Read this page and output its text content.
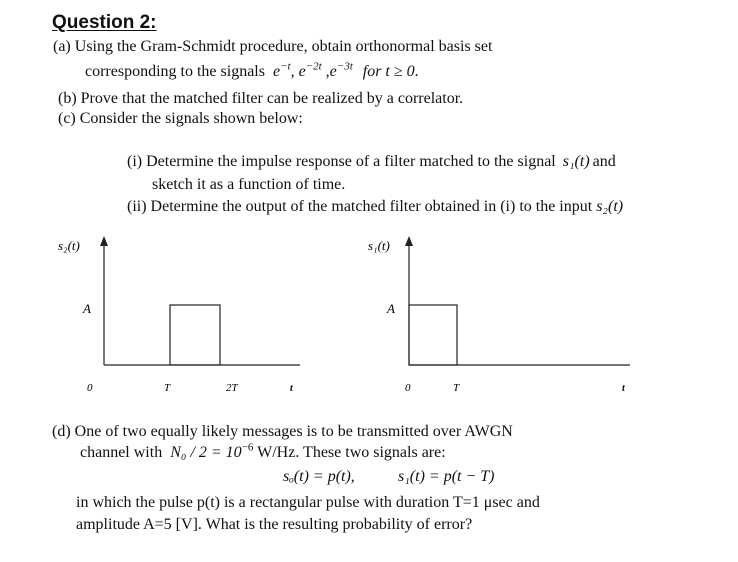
Question 2:
(a) Using the Gram-Schmidt procedure, obtain orthonormal basis set
corresponding to the signals $e^{-t}$, $e^{-2t}$ $,e^{-3t}$ for t ≥ 0.
(b) Prove that the matched filter can be realized by a correlator.
(c) Consider the signals shown below:
(i) Determine the impulse response of a filter matched to the signal s₁(t) and
sketch it as a function of time.
(ii) Determine the output of the matched filter obtained in (i) to the input s₂(t)
s₂(t)
A
0	T	2T	t
s₁(t)
A
0	T	t
(d) One of two equally likely messages is to be transmitted over AWGN
channel with $N_0 / 2 = 10^{-6}$ W/Hz. These two signals are:
sₒ(t) = p(t),	s₁(t) = p(t − T)
in which the pulse p(t) is a rectangular pulse with duration T=1 μsec and
amplitude A=5 [V]. What is the resulting probability of error?
